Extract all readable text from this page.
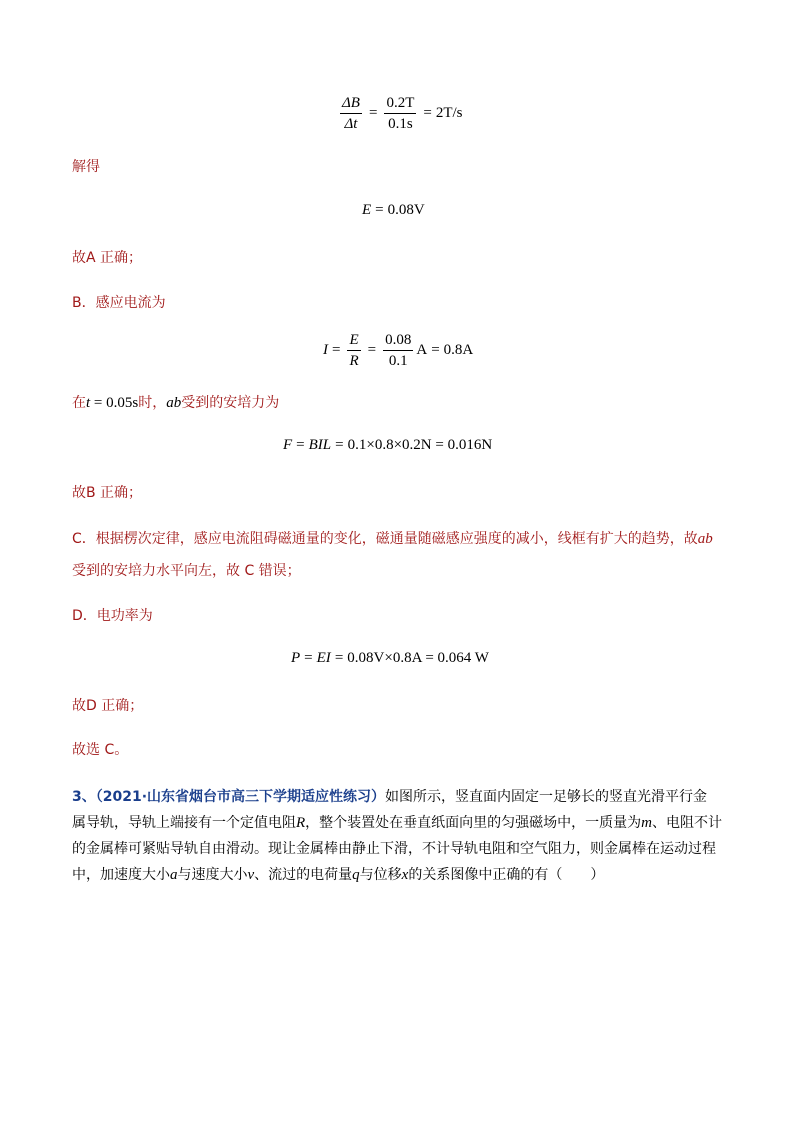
$\frac{\Delta B}{\Delta t} = \frac{0.2T}{0.1s} = 2T/s$
解得
E = 0.08V
故A 正确；
B．感应电流为
$I = \frac{E}{R} = \frac{0.08}{0.1}$ A = 0.8A
在t = 0.05s时，ab受到的安培力为
F = BIL = 0.1×0.8×0.2N = 0.016N
故B 正确；
C．根据楞次定律，感应电流阻碍磁通量的变化，磁通量随磁感应强度的减小，线框有扩大的趋势，故ab
受到的安培力水平向左，故 C 错误；
D．电功率为
P = EI = 0.08V×0.8A = 0.064 W
故D 正确；
故选 C。
3、（2021·山东省烟台市高三下学期适应性练习）如图所示，竖直面内固定一足够长的竖直光滑平行金
属导轨，导轨上端接有一个定值电阻R，整个装置处在垂直纸面向里的匀强磁场中，一质量为m、电阻不计
的金属棒可紧贴导轨自由滑动。现让金属棒由静止下滑，不计导轨电阻和空气阻力，则金属棒在运动过程
中，加速度大小a与速度大小v、流过的电荷量q与位移x的关系图像中正确的有（　　）
